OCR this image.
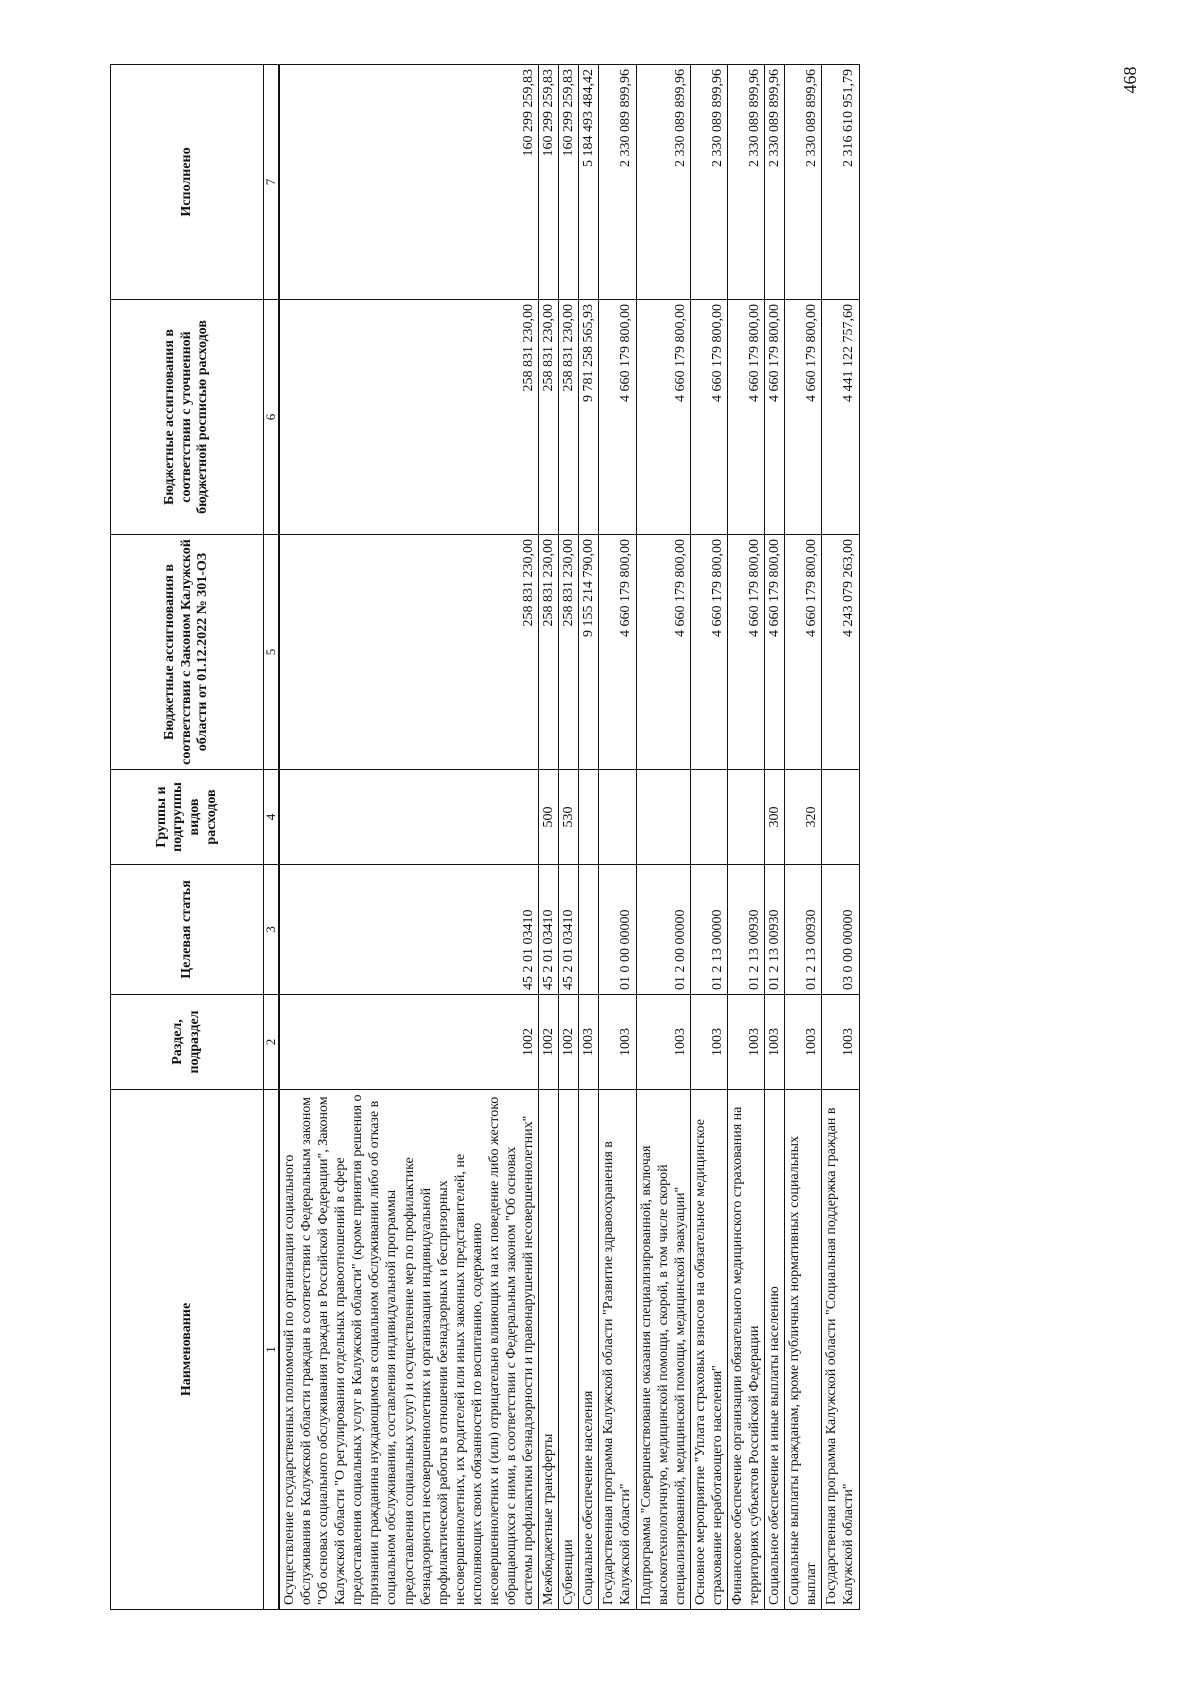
468
Наименование	Раздел, подраздел	Целевая статья	Группы и подгруппы видов расходов	Бюджетные ассигнования в соответствии с Законом Калужской области от 01.12.2022 № 301-ОЗ	Бюджетные ассигнования в соответствии с уточненной бюджетной росписью расходов	Исполнено
1	2	3	4	5	6	7
Осуществление государственных полномочий по организации социального обслуживания в Калужской области граждан в соответствии с Федеральным законом "Об основах социального обслуживания граждан в Российской Федерации", Законом Калужской области "О регулировании отдельных правоотношений в сфере предоставления социальных услуг в Калужской области" (кроме принятия решения о признании гражданина нуждающимся в социальном обслуживании либо об отказе в социальном обслуживании, составления индивидуальной программы предоставления социальных услуг) и осуществление мер по профилактике безнадзорности несовершеннолетних и организации индивидуальной профилактической работы в отношении безнадзорных и беспризорных несовершеннолетних, их родителей или иных законных представителей, не исполняющих своих обязанностей по воспитанию, содержанию несовершеннолетних и (или) отрицательно влияющих на их поведение либо жестоко обращающихся с ними, в соответствии с Федеральным законом "Об основах системы профилактики безнадзорности и правонарушений несовершеннолетних"	1002	45 2 01 03410		258 831 230,00	258 831 230,00	160 299 259,83
Межбюджетные трансферты	1002	45 2 01 03410	500	258 831 230,00	258 831 230,00	160 299 259,83
Субвенции	1002	45 2 01 03410	530	258 831 230,00	258 831 230,00	160 299 259,83
Социальное обеспечение населения	1003			9 155 214 790,00	9 781 258 565,93	5 184 493 484,42
Государственная программа Калужской области "Развитие здравоохранения в Калужской области"	1003	01 0 00 00000		4 660 179 800,00	4 660 179 800,00	2 330 089 899,96
Подпрограмма "Совершенствование оказания специализированной, включая высокотехнологичную, медицинской помощи, скорой, в том числе скорой специализированной, медицинской помощи, медицинской эвакуации"	1003	01 2 00 00000		4 660 179 800,00	4 660 179 800,00	2 330 089 899,96
Основное мероприятие "Уплата страховых взносов на обязательное медицинское страхование неработающего населения"	1003	01 2 13 00000		4 660 179 800,00	4 660 179 800,00	2 330 089 899,96
Финансовое обеспечение организации обязательного медицинского страхования на территориях субъектов Российской Федерации	1003	01 2 13 00930		4 660 179 800,00	4 660 179 800,00	2 330 089 899,96
Социальное обеспечение и иные выплаты населению	1003	01 2 13 00930	300	4 660 179 800,00	4 660 179 800,00	2 330 089 899,96
Социальные выплаты гражданам, кроме публичных нормативных социальных выплат	1003	01 2 13 00930	320	4 660 179 800,00	4 660 179 800,00	2 330 089 899,96
Государственная программа Калужской области "Социальная поддержка граждан в Калужской области"	1003	03 0 00 00000		4 243 079 263,00	4 441 122 757,60	2 316 610 951,79
